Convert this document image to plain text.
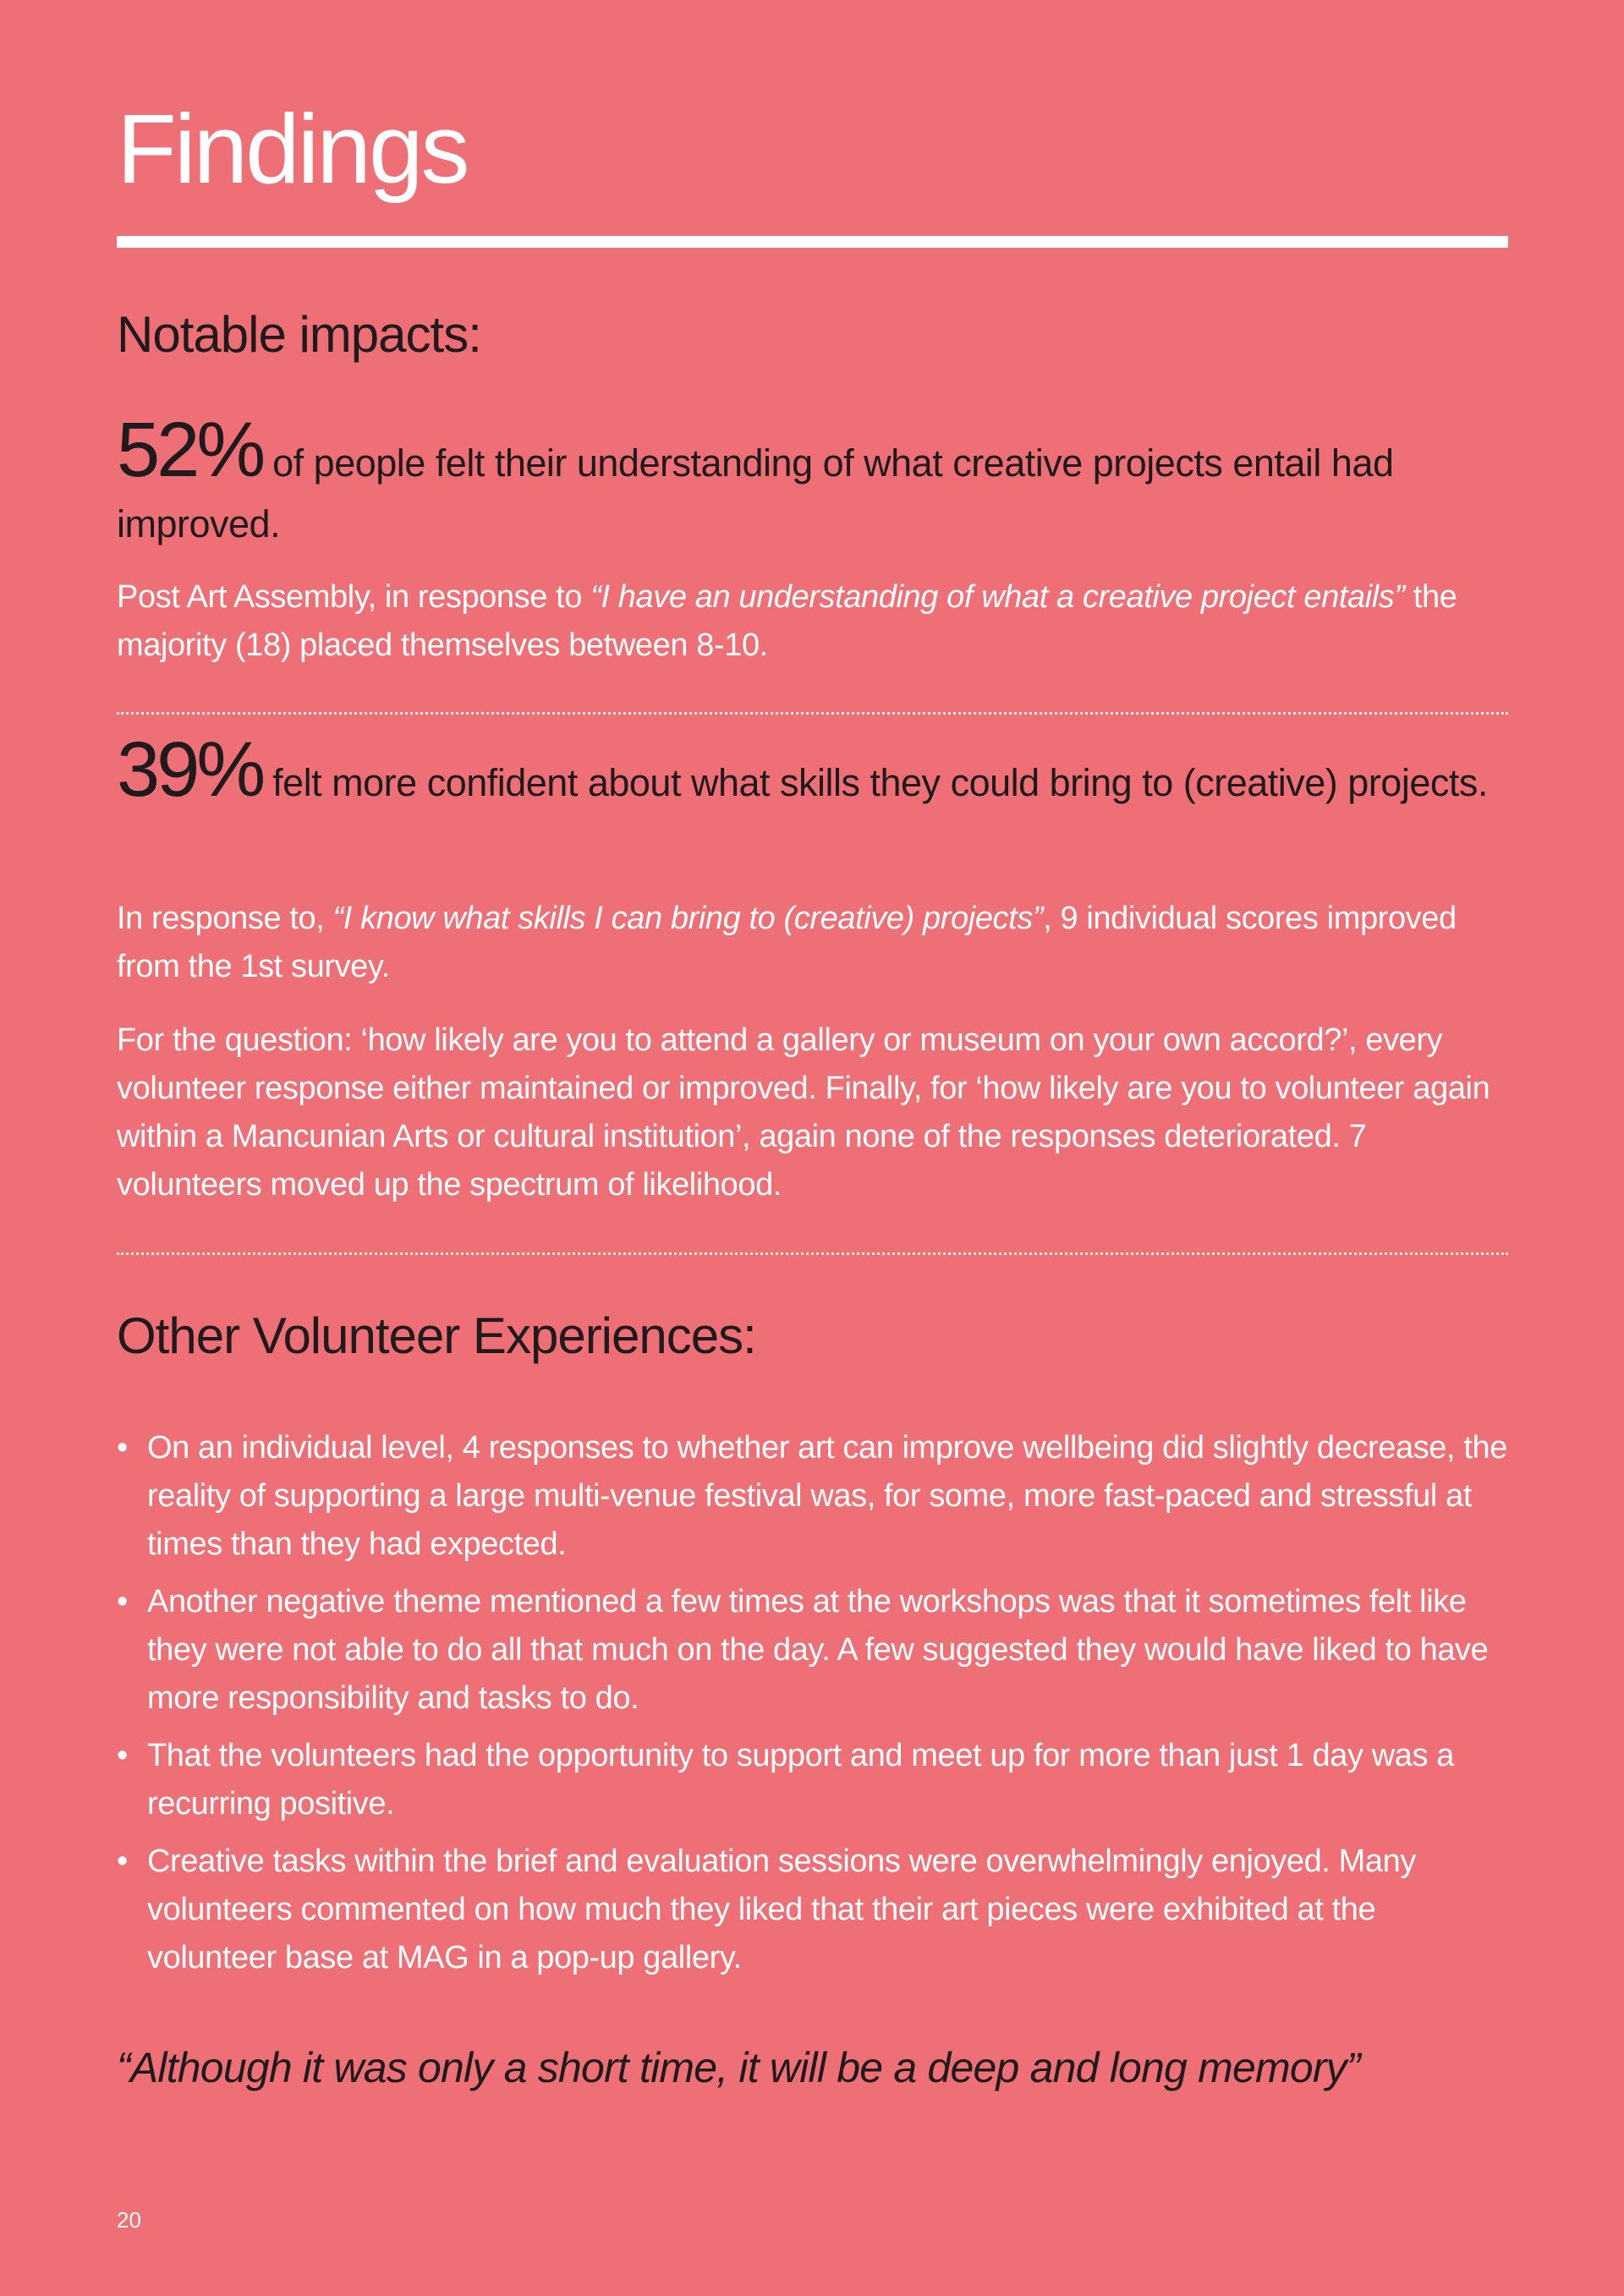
Findings
Notable impacts:

52% of people felt their understanding of what creative projects entail had improved.

Post Art Assembly, in response to “I have an understanding of what a creative project entails” the majority (18) placed themselves between 8-10.

39% felt more confident about what skills they could bring to (creative) projects.

In response to, “I know what skills I can bring to (creative) projects”, 9 individual scores improved from the 1st survey.

For the question: ‘how likely are you to attend a gallery or museum on your own accord?’, every volunteer response either maintained or improved. Finally, for ‘how likely are you to volunteer again within a Mancunian Arts or cultural institution’, again none of the responses deteriorated. 7 volunteers moved up the spectrum of likelihood.

Other Volunteer Experiences:
• On an individual level, 4 responses to whether art can improve wellbeing did slightly decrease, the reality of supporting a large multi-venue festival was, for some, more fast-paced and stressful at times than they had expected.
• Another negative theme mentioned a few times at the workshops was that it sometimes felt like they were not able to do all that much on the day. A few suggested they would have liked to have more responsibility and tasks to do.
• That the volunteers had the opportunity to support and meet up for more than just 1 day was a recurring positive.
• Creative tasks within the brief and evaluation sessions were overwhelmingly enjoyed. Many volunteers commented on how much they liked that their art pieces were exhibited at the volunteer base at MAG in a pop-up gallery.

“Although it was only a short time, it will be a deep and long memory”

20
